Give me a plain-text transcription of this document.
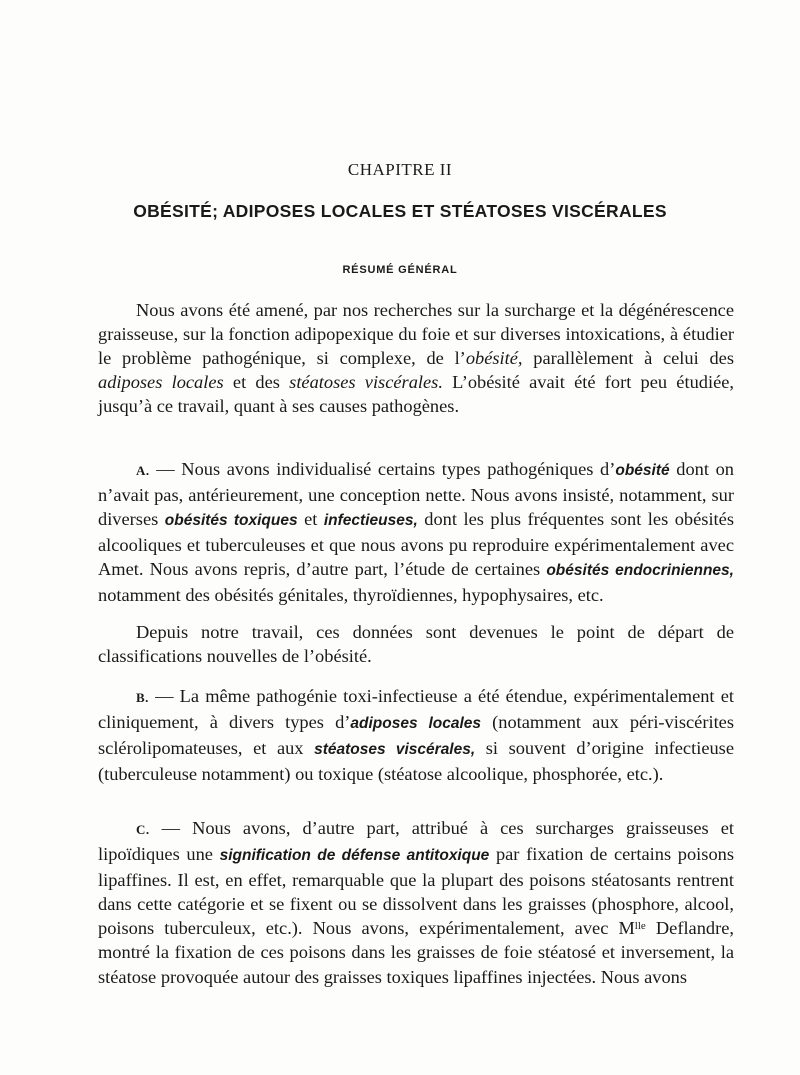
CHAPITRE II
OBÉSITÉ; ADIPOSES LOCALES ET STÉATOSES VISCÉRALES
RÉSUMÉ GÉNÉRAL

Nous avons été amené, par nos recherches sur la surcharge et la dégénérescence graisseuse, sur la fonction adipopexique du foie et sur diverses intoxications, à étudier le problème pathogénique, si complexe, de l’obésité, parallèlement à celui des adiposes locales et des stéatoses viscérales. L’obésité avait été fort peu étudiée, jusqu’à ce travail, quant à ses causes pathogènes.

A. — Nous avons individualisé certains types pathogéniques d’obésité dont on n’avait pas, antérieurement, une conception nette. Nous avons insisté, notamment, sur diverses obésités toxiques et infectieuses, dont les plus fréquentes sont les obésités alcooliques et tuberculeuses et que nous avons pu reproduire expérimentalement avec Amet. Nous avons repris, d’autre part, l’étude de certaines obésités endocriniennes, notamment des obésités génitales, thyroïdiennes, hypophysaires, etc.

Depuis notre travail, ces données sont devenues le point de départ de classifications nouvelles de l’obésité.

B. — La même pathogénie toxi-infectieuse a été étendue, expérimentalement et cliniquement, à divers types d’adiposes locales (notamment aux péri-viscérites sclérolipomateuses, et aux stéatoses viscérales, si souvent d’origine infectieuse (tuberculeuse notamment) ou toxique (stéatose alcoolique, phosphorée, etc.).

C. — Nous avons, d’autre part, attribué à ces surcharges graisseuses et lipoïdiques une signification de défense antitoxique par fixation de certains poisons lipaffines. Il est, en effet, remarquable que la plupart des poisons stéatosants rentrent dans cette catégorie et se fixent ou se dissolvent dans les graisses (phosphore, alcool, poisons tuberculeux, etc.). Nous avons, expérimentalement, avec $M^{lle}$ Deflandre, montré la fixation de ces poisons dans les graisses de foie stéatosé et inversement, la stéatose provoquée autour des graisses toxiques lipaffines injectées. Nous avons
